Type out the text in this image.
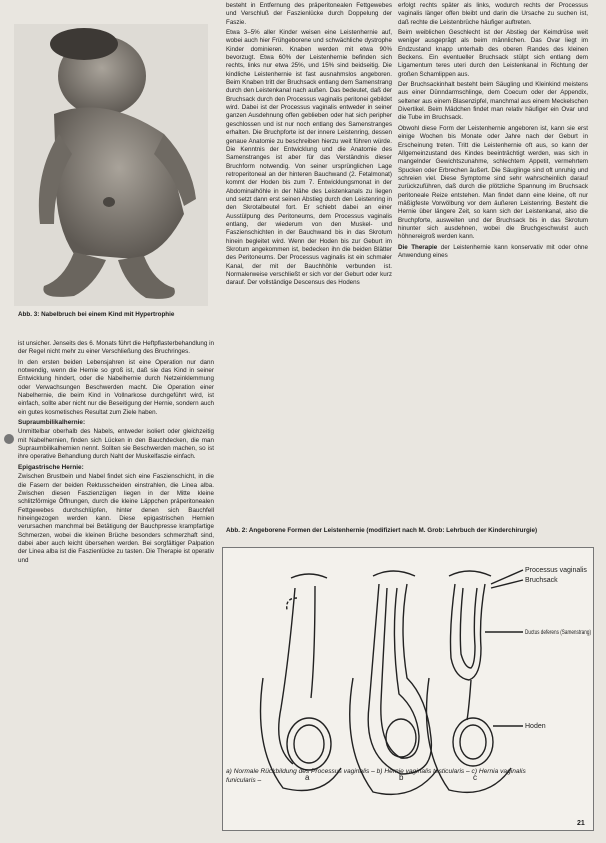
Abb. 3: Nabelbruch bei einem Kind mit Hypertrophie

ist unsicher. Jenseits des 6. Monats führt die Heftpflasterbehandlung in der Regel nicht mehr zu einer Verschließung des Bruchringes.

In den ersten beiden Lebensjahren ist eine Operation nur dann notwendig, wenn die Hernie so groß ist, daß sie das Kind in seiner Entwicklung hindert, oder die Nabelhernie durch Netzeinklemmung oder Verwachsungen Beschwerden macht. Die Operation einer Nabelhernie, die beim Kind in Vollnarkose durchgeführt wird, ist einfach, sollte aber nicht nur die Beseitigung der Hernie, sondern auch ein gutes kosmetisches Resultat zum Ziele haben.

Supraumbilikalhernie:

Unmittelbar oberhalb des Nabels, entweder isoliert oder gleichzeitig mit Nabelhernien, finden sich Lücken in den Bauchdecken, die man Supraumbilikalhernien nennt. Sollten sie Beschwerden machen, so ist ihre operative Behandlung durch Naht der Muskelfaszie einfach.

Epigastrische Hernie:

Zwischen Brustbein und Nabel findet sich eine Faszienschicht, in die die Fasern der beiden Rektusscheiden einstrahlen, die Linea alba. Zwischen diesen Faszienzügen liegen in der Mitte kleine schlitzförmige Öffnungen, durch die kleine Läppchen präperitonealen Fettgewebes durchschlüpfen, hinter denen sich Bauchfell hineingezogen werden kann. Diese epigastrischen Hernien verursachen manchmal bei Betätigung der Bauchpresse krampfartige Schmerzen, wobei die kleinen Brüche besonders schmerzhaft sind, dabei aber auch leicht übersehen werden. Bei sorgfältiger Palpation der Linea alba ist die Faszienlücke zu tasten. Die Therapie ist operativ und

besteht in Entfernung des präperitonealen Fettgewebes und Verschluß der Faszienlücke durch Doppelung der Faszie.

Etwa 3–5% aller Kinder weisen eine Leistenhernie auf, wobei auch hier Frühgeborene und schwächliche dystrophe Kinder dominieren. Knaben werden mit etwa 90% bevorzugt. Etwa 60% der Leistenhernie befinden sich rechts, links nur etwa 25%, und 15% sind beidseitig. Die kindliche Leistenhernie ist fast ausnahmslos angeboren. Beim Knaben tritt der Bruchsack entlang dem Samenstrang durch den Leistenkanal nach außen. Das bedeutet, daß der Bruchsack durch den Processus vaginalis peritonei gebildet wird. Dabei ist der Processus vaginalis entweder in seiner ganzen Ausdehnung offen geblieben oder hat sich peripher geschlossen und ist nur noch entlang des Samenstranges erhalten. Die Bruchpforte ist der innere Leistenring, dessen genaue Anatomie zu beschreiben hierzu weit führen würde. Die Kenntnis der Entwicklung und die Anatomie des Samenstranges ist aber für das Verständnis dieser Bruchform notwendig. Von seiner ursprünglichen Lage retroperitoneal an der hinteren Bauchwand (2. Fetalmonat) kommt der Hoden bis zum 7. Entwicklungsmonat in der Abdominalhöhle in der Nähe des Leistenkanals zu liegen und setzt dann erst seinen Abstieg durch den Leistenring in den Skrotalbeutel fort. Er schiebt dabei an einer Ausstülpung des Peritoneums, dem Processus vaginalis entlang, der wiederum von den Muskel- und Faszienschichten in der Bauchwand bis in das Skrotum hinein begleitet wird. Wenn der Hoden bis zur Geburt im Skrotum angekommen ist, bedecken ihn die beiden Blätter des Peritoneums. Der Processus vaginalis ist ein schmaler Kanal, der mit der Bauchhöhle verbunden ist. Normalerweise verschließt er sich vor der Geburt oder kurz darauf. Der vollständige Descensus des Hodens

erfolgt rechts später als links, wodurch rechts der Processus vaginalis länger offen bleibt und darin die Ursache zu suchen ist, daß rechte die Leistenbrüche häufiger auftreten.

Beim weiblichen Geschlecht ist der Abstieg der Keimdrüse weit weniger ausgeprägt als beim männlichen. Das Ovar liegt im Endzustand knapp unterhalb des oberen Randes des kleinen Beckens. Ein eventueller Bruchsack stülpt sich entlang dem Ligamentum teres uteri durch den Leistenkanal in Richtung der großen Schamlippen aus.

Der Bruchsackinhalt besteht beim Säugling und Kleinkind meistens aus einer Dünndarmschlinge, dem Coecum oder der Appendix, seltener aus einem Blasenzipfel, manchmal aus einem Meckelschen Divertikel. Beim Mädchen findet man relativ häufiger ein Ovar und die Tube im Bruchsack.

Obwohl diese Form der Leistenhernie angeboren ist, kann sie erst einige Wochen bis Monate oder Jahre nach der Geburt in Erscheinung treten. Tritt die Leistenhernie oft aus, so kann der Allgemeinzustand des Kindes beeinträchtigt werden, was sich in mangelnder Gewichtszunahme, schlechtem Appetit, vermehrtem Spucken oder Erbrechen äußert. Die Säuglinge sind oft unruhig und schreien viel. Diese Symptome sind sehr wahrscheinlich darauf zurückzuführen, daß durch die plötzliche Spannung im Bruchsack peritoneale Reize entstehen. Man findet dann eine kleine, oft nur mäßigfeste Vorwölbung vor dem äußeren Leistenring. Besteht die Hernie über längere Zeit, so kann sich der Leistenkanal, also die Bruchpforte, ausweiten und der Bruchsack bis in das Skrotum hinunter sich ausdehnen, wobei die Bruchgeschwulst auch höhnereigroß werden kann.

Die Therapie der Leistenhernie kann konservativ mit oder ohne Anwendung eines

Abb. 2: Angeborene Formen der Leistenhernie (modifiziert nach M. Grob: Lehrbuch der Kinderchirurgie)
Processus vaginalis
Bruchsack
Ductus deferens (Samenstrang)
Hoden
a	b	c
a) Normale Rückbildung des Processus vaginalis – b) Hernie vaginalis testicularis – c) Hernia vaginalis funicularis –
21
